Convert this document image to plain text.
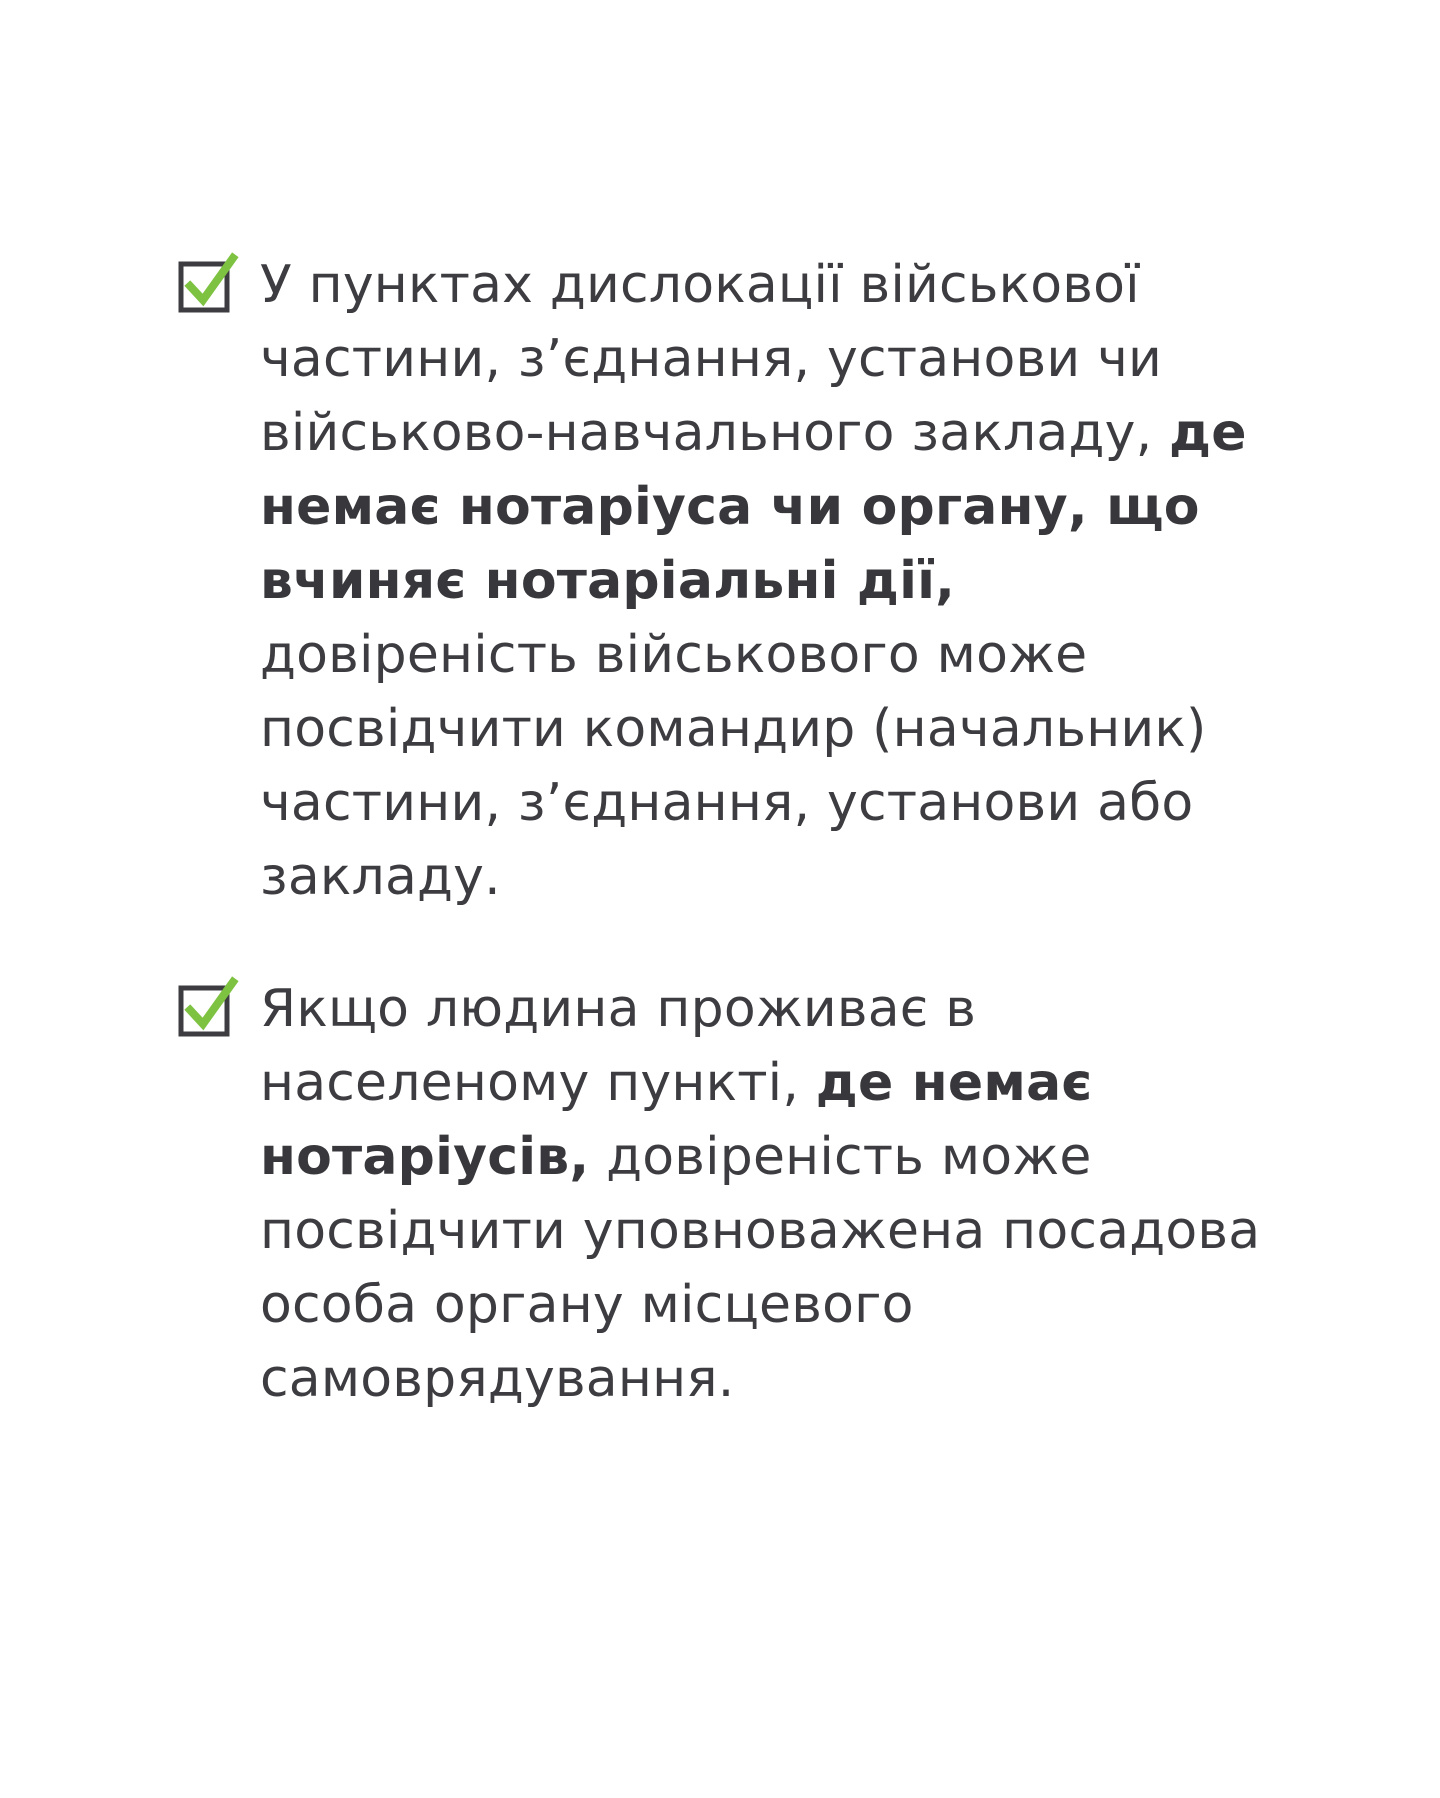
У пунктах дислокації військової частини, з’єднання, установи чи військово-навчального закладу, де немає нотаріуса чи органу, що вчиняє нотаріальні дії, довіреність військового може посвідчити командир (начальник) частини, з’єднання, установи або закладу.

Якщо людина проживає в населеному пункті, де немає нотаріусів, довіреність може посвідчити уповноважена посадова особа органу місцевого самоврядування.
